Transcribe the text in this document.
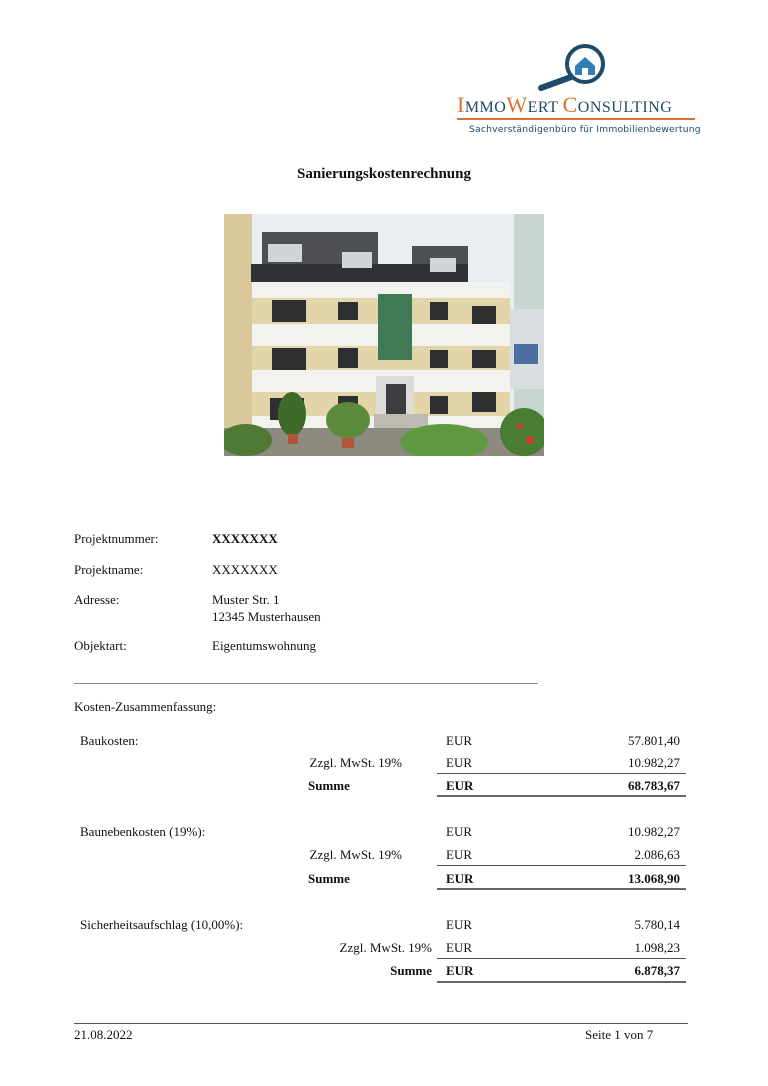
IMMOWERT CONSULTING
Sachverständigenbüro für Immobilienbewertung
Sanierungskostenrechnung
Projektnummer:	XXXXXXX
Projektname:	XXXXXXX
Adresse:	Muster Str. 1
12345 Musterhausen
Objektart:	Eigentumswohnung
Kosten-Zusammenfassung:
Baukosten:	EUR	57.801,40
Zzgl. MwSt. 19%	EUR	10.982,27
Summe	EUR	68.783,67
Baunebenkosten (19%):	EUR	10.982,27
Zzgl. MwSt. 19%	EUR	2.086,63
Summe	EUR	13.068,90
Sicherheitsaufschlag (10,00%):	EUR	5.780,14
Zzgl. MwSt. 19% EUR	1.098,23
Summe EUR	6.878,37
21.08.2022	Seite 1 von 7
